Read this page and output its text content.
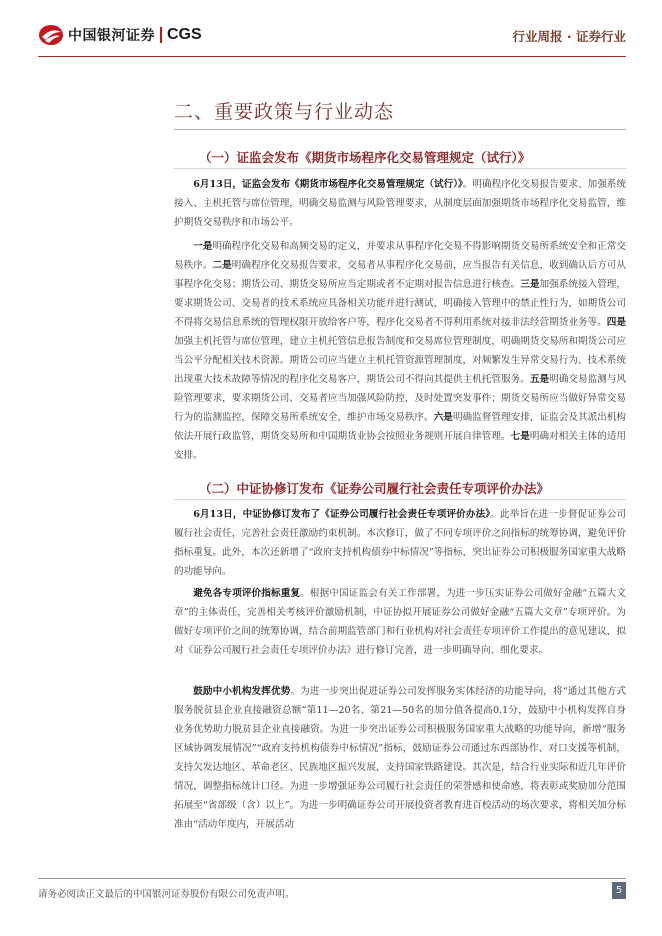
中国银河证券 CGS	行业周报 · 证券行业
二、重要政策与行业动态
（一）证监会发布《期货市场程序化交易管理规定（试行）》

6月13日，证监会发布《期货市场程序化交易管理规定（试行）》。明确程序化交易报告要求、加强系统接入、主机托管与席位管理，明确交易监测与风险管理要求，从制度层面加强期货市场程序化交易监管，维护期货交易秩序和市场公平。

一是明确程序化交易和高频交易的定义，并要求从事程序化交易不得影响期货交易所系统安全和正常交易秩序。二是明确程序化交易报告要求，交易者从事程序化交易前，应当报告有关信息，收到确认后方可从事程序化交易；期货公司、期货交易所应当定期或者不定期对报告信息进行核查。三是加强系统接入管理，要求期货公司、交易者的技术系统应具备相关功能并进行测试，明确接入管理中的禁止性行为，如期货公司不得将交易信息系统的管理权限开放给客户等，程序化交易者不得利用系统对接非法经营期货业务等。四是加强主机托管与席位管理，建立主机托管信息报告制度和交易席位管理制度，明确期货交易所和期货公司应当公平分配相关技术资源。期货公司应当建立主机托管资源管理制度，对频繁发生异常交易行为、技术系统出现重大技术故障等情况的程序化交易客户，期货公司不得向其提供主机托管服务。五是明确交易监测与风险管理要求，要求期货公司、交易者应当加强风险防控，及时处置突发事件；期货交易所应当做好异常交易行为的监测监控，保障交易所系统安全，维护市场交易秩序。六是明确监督管理安排，证监会及其派出机构依法开展行政监管，期货交易所和中国期货业协会按照业务规则开展自律管理。七是明确对相关主体的适用安排。

（二）中证协修订发布《证券公司履行社会责任专项评价办法》

6月13日，中证协修订发布了《证券公司履行社会责任专项评价办法》。此举旨在进一步督促证券公司履行社会责任，完善社会责任激励约束机制。本次修订，做了不同专项评价之间指标的统筹协调，避免评价指标重复。此外，本次还新增了“政府支持机构债券中标情况”等指标，突出证券公司积极服务国家重大战略的功能导向。

避免各专项评价指标重复。根据中国证监会有关工作部署，为进一步压实证券公司做好金融“五篇大文章”的主体责任，完善相关考核评价激励机制，中证协拟开展证券公司做好金融“五篇大文章”专项评价。为做好专项评价之间的统筹协调，结合前期监管部门和行业机构对社会责任专项评价工作提出的意见建议，拟对《证券公司履行社会责任专项评价办法》进行修订完善，进一步明确导向、细化要求。

鼓励中小机构发挥优势。为进一步突出促进证券公司发挥服务实体经济的功能导向，将“通过其他方式服务脱贫县企业直接融资总额”第11—20名、第21—50名的加分值各提高0.1分，鼓励中小机构发挥自身业务优势助力脱贫县企业直接融资。为进一步突出证券公司积极服务国家重大战略的功能导向，新增“服务区域协调发展情况”“政府支持机构债券中标情况”指标，鼓励证券公司通过东西部协作、对口支援等机制，支持欠发达地区、革命老区、民族地区振兴发展，支持国家铁路建设。其次是，结合行业实际和近几年评价情况，调整指标统计口径。为进一步增强证券公司履行社会责任的荣誉感和使命感，将表彰或奖励加分范围拓展至“省部级（含）以上”。为进一步明确证券公司开展投资者教育进百校活动的场次要求，将相关加分标准由“活动年度内，开展活动

请务必阅读正文最后的中国银河证券股份有限公司免责声明。	5
